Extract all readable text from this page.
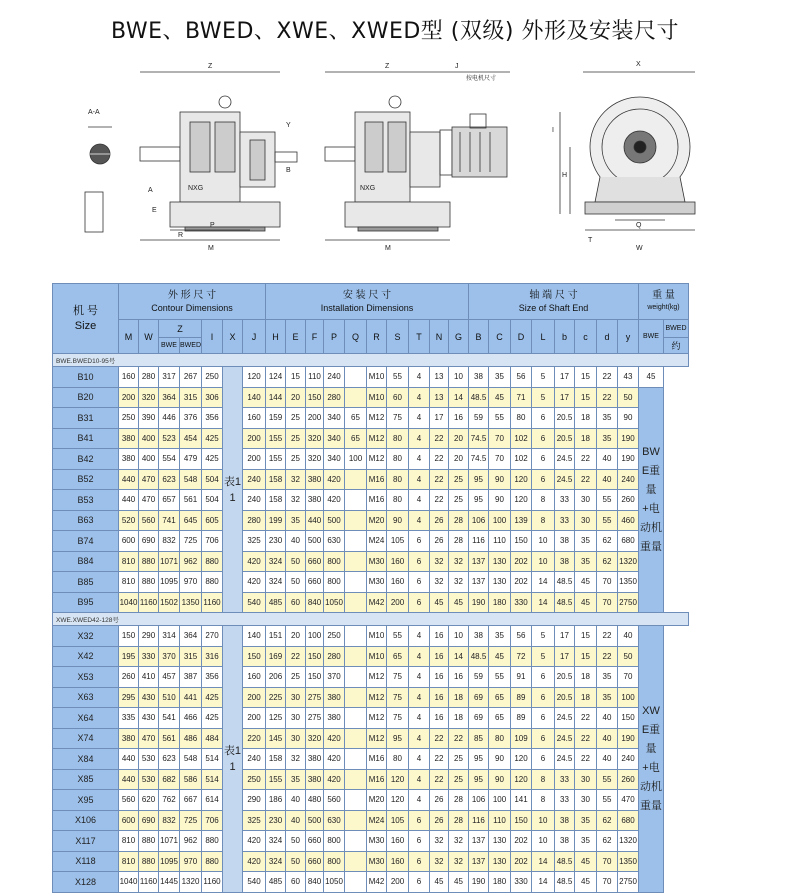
BWE、BWED、XWE、XWED型 (双级) 外形及安装尺寸
A-A
Z
NXG
M
P
R
A
E
Y
B
Z	J
按电机尺寸
NXG
M
X
W
Q
H
I
T
机 号
Size	外 形 尺 寸
Contour Dimensions							安 装 尺 寸
Installation Dimensions										轴 端 尺 寸
Size of Shaft End								重 量
weight(kg)	

	M	W	Z		I	X	J	H	E	F	P	Q	R	S	T	N	G	B	C	D	L	b	c	d	y	BWE	BWED
			BWE	BWED																							约
BWE.BWED10-95号																											
B10	160	280	317	267	250	表11	120	124	15	110	240		M10	55	4	13	10	38	35	56	5	17	15	22	43	45	
B20	200	320	364	315	306		140	144	20	150	280		M10	60	4	13	14	48.5	45	71	5	17	15	22	50	BWE重量+电动机重量	
B31	250	390	446	376	356		160	159	25	200	340	65	M12	75	4	17	16	59	55	80	6	20.5	18	35	90		
B41	380	400	523	454	425		200	155	25	320	340	65	M12	80	4	22	20	74.5	70	102	6	20.5	18	35	190		
B42	380	400	554	479	425		200	155	25	320	340	100	M12	80	4	22	20	74.5	70	102	6	24.5	22	40	190		
B52	440	470	623	548	504		240	158	32	380	420		M16	80	4	22	25	95	90	120	6	24.5	22	40	240		
B53	440	470	657	561	504		240	158	32	380	420		M16	80	4	22	25	95	90	120	8	33	30	55	260		
B63	520	560	741	645	605		280	199	35	440	500		M20	90	4	26	28	106	100	139	8	33	30	55	460		
B74	600	690	832	725	706		325	230	40	500	630		M24	105	6	26	28	116	110	150	10	38	35	62	680		
B84	810	880	1071	962	880		420	324	50	660	800		M30	160	6	32	32	137	130	202	10	38	35	62	1320		
B85	810	880	1095	970	880		420	324	50	660	800		M30	160	6	32	32	137	130	202	14	48.5	45	70	1350		
B95	1040	1160	1502	1350	1160		540	485	60	840	1050		M42	200	6	45	45	190	180	330	14	48.5	45	70	2750		
XWE.XWED42-128号																											
X32	150	290	314	364	270	表11	140	151	20	100	250		M10	55	4	16	10	38	35	56	5	17	15	22	40	XWE重量+电动机重量	
X42	195	330	370	315	316		150	169	22	150	280		M10	65	4	16	14	48.5	45	72	5	17	15	22	50		
X53	260	410	457	387	356		160	206	25	150	370		M12	75	4	16	16	59	55	91	6	20.5	18	35	70		
X63	295	430	510	441	425		200	225	30	275	380		M12	75	4	16	18	69	65	89	6	20.5	18	35	100		
X64	335	430	541	466	425		200	125	30	275	380		M12	75	4	16	18	69	65	89	6	24.5	22	40	150		
X74	380	470	561	486	484		220	145	30	320	420		M12	95	4	22	22	85	80	109	6	24.5	22	40	190		
X84	440	530	623	548	514		240	158	32	380	420		M16	80	4	22	25	95	90	120	6	24.5	22	40	240		
X85	440	530	682	586	514		250	155	35	380	420		M16	120	4	22	25	95	90	120	8	33	30	55	260		
X95	560	620	762	667	614		290	186	40	480	560		M20	120	4	26	28	106	100	141	8	33	30	55	470		
X106	600	690	832	725	706		325	230	40	500	630		M24	105	6	26	28	116	110	150	10	38	35	62	680		
X117	810	880	1071	962	880		420	324	50	660	800		M30	160	6	32	32	137	130	202	10	38	35	62	1320		
X118	810	880	1095	970	880		420	324	50	660	800		M30	160	6	32	32	137	130	202	14	48.5	45	70	1350		
X128	1040	1160	1445	1320	1160		540	485	60	840	1050		M42	200	6	45	45	190	180	330	14	48.5	45	70	2750		
